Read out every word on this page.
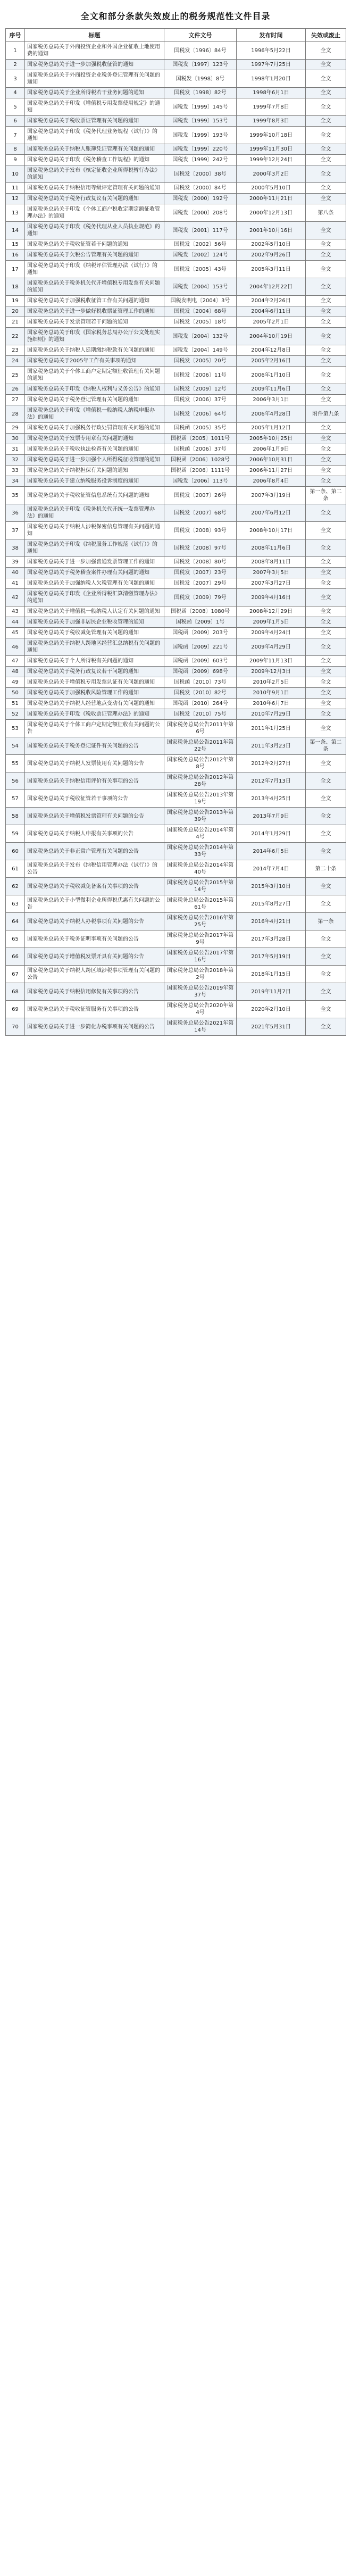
全文和部分条款失效废止的税务规范性文件目录
序号	标题	文件文号	发布时间	失效或废止
1	国家税务总局关于外商投资企业和外国企业征收土地使用费的通知	国税发〔1996〕84号	1996年5月22日	全文
2	国家税务总局关于进一步加强税收征管的通知	国税发〔1997〕123号	1997年7月25日	全文
3	国家税务总局关于外商投资企业税务登记管理有关问题的通知	国税发〔1998〕8号	1998年1月20日	全文
4	国家税务总局关于企业所得税若干业务问题的通知	国税发〔1998〕82号	1998年6月1日	全文
5	国家税务总局关于印发《增值税专用发票使用规定》的通知	国税发〔1999〕145号	1999年7月8日	全文
6	国家税务总局关于税收票证管理有关问题的通知	国税发〔1999〕153号	1999年8月3日	全文
7	国家税务总局关于印发《税务代理业务规程（试行）》的通知	国税发〔1999〕193号	1999年10月18日	全文
8	国家税务总局关于纳税人账簿凭证管理有关问题的通知	国税发〔1999〕220号	1999年11月30日	全文
9	国家税务总局关于印发《税务稽查工作规程》的通知	国税发〔1999〕242号	1999年12月24日	全文
10	国家税务总局关于发布《核定征收企业所得税暂行办法》的通知	国税发〔2000〕38号	2000年3月2日	全文
11	国家税务总局关于纳税信用等级评定管理有关问题的通知	国税发〔2000〕84号	2000年5月10日	全文
12	国家税务总局关于税务行政复议有关问题的通知	国税发〔2000〕192号	2000年11月21日	全文
13	国家税务总局关于印发《个体工商户税收定期定额征收管理办法》的通知	国税发〔2000〕208号	2000年12月13日	第八条
14	国家税务总局关于印发《税务代理从业人员执业规范》的通知	国税发〔2001〕117号	2001年10月16日	全文
15	国家税务总局关于税收征管若干问题的通知	国税发〔2002〕56号	2002年5月10日	全文
16	国家税务总局关于欠税公告管理有关问题的通知	国税发〔2002〕124号	2002年9月26日	全文
17	国家税务总局关于印发《纳税评估管理办法（试行）》的通知	国税发〔2005〕43号	2005年3月11日	全文
18	国家税务总局关于税务机关代开增值税专用发票有关问题的通知	国税发〔2004〕153号	2004年12月22日	全文
19	国家税务总局关于加强税收征管工作有关问题的通知	国税发明电〔2004〕3号	2004年2月26日	全文
20	国家税务总局关于进一步做好税收票证管理工作的通知	国税发〔2004〕68号	2004年6月11日	全文
21	国家税务总局关于发票管理若干问题的通知	国税发〔2005〕18号	2005年2月1日	全文
22	国家税务总局关于印发《国家税务总局办公厅公文处理实施细则》的通知	国税发〔2004〕132号	2004年10月19日	全文
23	国家税务总局关于纳税人延期缴纳税款有关问题的通知	国税发〔2004〕149号	2004年12月8日	全文
24	国家税务总局关于2005年工作有关事项的通知	国税发〔2005〕20号	2005年2月16日	全文
25	国家税务总局关于个体工商户定期定额征收管理有关问题的通知	国税发〔2006〕11号	2006年1月10日	全文
26	国家税务总局关于印发《纳税人权利与义务公告》的通知	国税发〔2009〕12号	2009年11月6日	全文
27	国家税务总局关于税务登记管理有关问题的通知	国税发〔2006〕37号	2006年3月1日	全文
28	国家税务总局关于印发《增值税一般纳税人纳税申报办法》的通知	国税发〔2006〕64号	2006年4月28日	附件第九条
29	国家税务总局关于加强税务行政处罚管理有关问题的通知	国税函〔2005〕35号	2005年1月12日	全文
30	国家税务总局关于发票专用章有关问题的通知	国税函〔2005〕1011号	2005年10月25日	全文
31	国家税务总局关于税收执法检查有关问题的通知	国税函〔2006〕37号	2006年1月9日	全文
32	国家税务总局关于进一步加强个人所得税征收管理的通知	国税函〔2006〕1028号	2006年10月31日	全文
33	国家税务总局关于纳税担保有关问题的通知	国税函〔2006〕1111号	2006年11月27日	全文
34	国家税务总局关于建立纳税服务投诉制度的通知	国税发〔2006〕113号	2006年8月4日	全文
35	国家税务总局关于税收征管信息系统有关问题的通知	国税发〔2007〕26号	2007年3月19日	第一条、第二条
36	国家税务总局关于印发《税务机关代开统一发票管理办法》的通知	国税发〔2007〕68号	2007年6月12日	全文
37	国家税务总局关于纳税人涉税保密信息管理有关问题的通知	国税发〔2008〕93号	2008年10月17日	全文
38	国家税务总局关于印发《纳税服务工作规范（试行）》的通知	国税发〔2008〕97号	2008年11月6日	全文
39	国家税务总局关于进一步加强普通发票管理工作的通知	国税发〔2008〕80号	2008年8月11日	全文
40	国家税务总局关于税务稽查案件办理有关问题的通知	国税发〔2007〕23号	2007年3月5日	全文
41	国家税务总局关于加强纳税人欠税管理有关问题的通知	国税发〔2007〕29号	2007年3月27日	全文
42	国家税务总局关于印发《企业所得税汇算清缴管理办法》的通知	国税发〔2009〕79号	2009年4月16日	全文
43	国家税务总局关于增值税一般纳税人认定有关问题的通知	国税函〔2008〕1080号	2008年12月29日	全文
44	国家税务总局关于加强非居民企业税收管理的通知	国税函〔2009〕1号	2009年1月5日	全文
45	国家税务总局关于税收减免管理有关问题的通知	国税函〔2009〕203号	2009年4月24日	全文
46	国家税务总局关于纳税人跨地区经营汇总纳税有关问题的通知	国税函〔2009〕221号	2009年4月29日	全文
47	国家税务总局关于个人所得税有关问题的通知	国税函〔2009〕603号	2009年11月13日	全文
48	国家税务总局关于税务行政复议若干问题的通知	国税函〔2009〕698号	2009年12月3日	全文
49	国家税务总局关于增值税专用发票认证有关问题的通知	国税函〔2010〕73号	2010年2月5日	全文
50	国家税务总局关于加强税收风险管理工作的通知	国税发〔2010〕82号	2010年9月1日	全文
51	国家税务总局关于纳税人经营地点变动有关问题的通知	国税函〔2010〕264号	2010年6月7日	全文
52	国家税务总局关于印发《税收票证管理办法》的通知	国税发〔2010〕75号	2010年7月29日	全文
53	国家税务总局关于个体工商户定期定额征收有关问题的公告	国家税务总局公告2011年第6号	2011年1月25日	全文
54	国家税务总局关于税务登记证件有关问题的公告	国家税务总局公告2011年第22号	2011年3月23日	第一条、第二条
55	国家税务总局关于纳税人发票使用有关问题的公告	国家税务总局公告2012年第8号	2012年2月27日	全文
56	国家税务总局关于纳税信用评价有关事项的公告	国家税务总局公告2012年第28号	2012年7月13日	全文
57	国家税务总局关于税收征管若干事项的公告	国家税务总局公告2013年第19号	2013年4月25日	全文
58	国家税务总局关于增值税发票管理有关问题的公告	国家税务总局公告2013年第39号	2013年7月9日	全文
59	国家税务总局关于纳税人申报有关事项的公告	国家税务总局公告2014年第4号	2014年1月29日	全文
60	国家税务总局关于非正常户管理有关问题的公告	国家税务总局公告2014年第33号	2014年6月5日	全文
61	国家税务总局关于发布《纳税信用管理办法（试行）》的公告	国家税务总局公告2014年第40号	2014年7月4日	第二十条
62	国家税务总局关于税收减免备案有关事项的公告	国家税务总局公告2015年第14号	2015年3月10日	全文
63	国家税务总局关于小型微利企业所得税优惠有关问题的公告	国家税务总局公告2015年第61号	2015年8月27日	全文
64	国家税务总局关于纳税人办税事项有关问题的公告	国家税务总局公告2016年第25号	2016年4月21日	第一条
65	国家税务总局关于税务证明事项有关问题的公告	国家税务总局公告2017年第9号	2017年3月28日	全文
66	国家税务总局关于增值税发票开具有关问题的公告	国家税务总局公告2017年第16号	2017年5月19日	全文
67	国家税务总局关于纳税人跨区域涉税事项管理有关问题的公告	国家税务总局公告2018年第2号	2018年1月15日	全文
68	国家税务总局关于纳税信用修复有关事项的公告	国家税务总局公告2019年第37号	2019年11月7日	全文
69	国家税务总局关于税收征管服务有关事项的公告	国家税务总局公告2020年第4号	2020年2月10日	全文
70	国家税务总局关于进一步简化办税事项有关问题的公告	国家税务总局公告2021年第14号	2021年5月31日	全文
